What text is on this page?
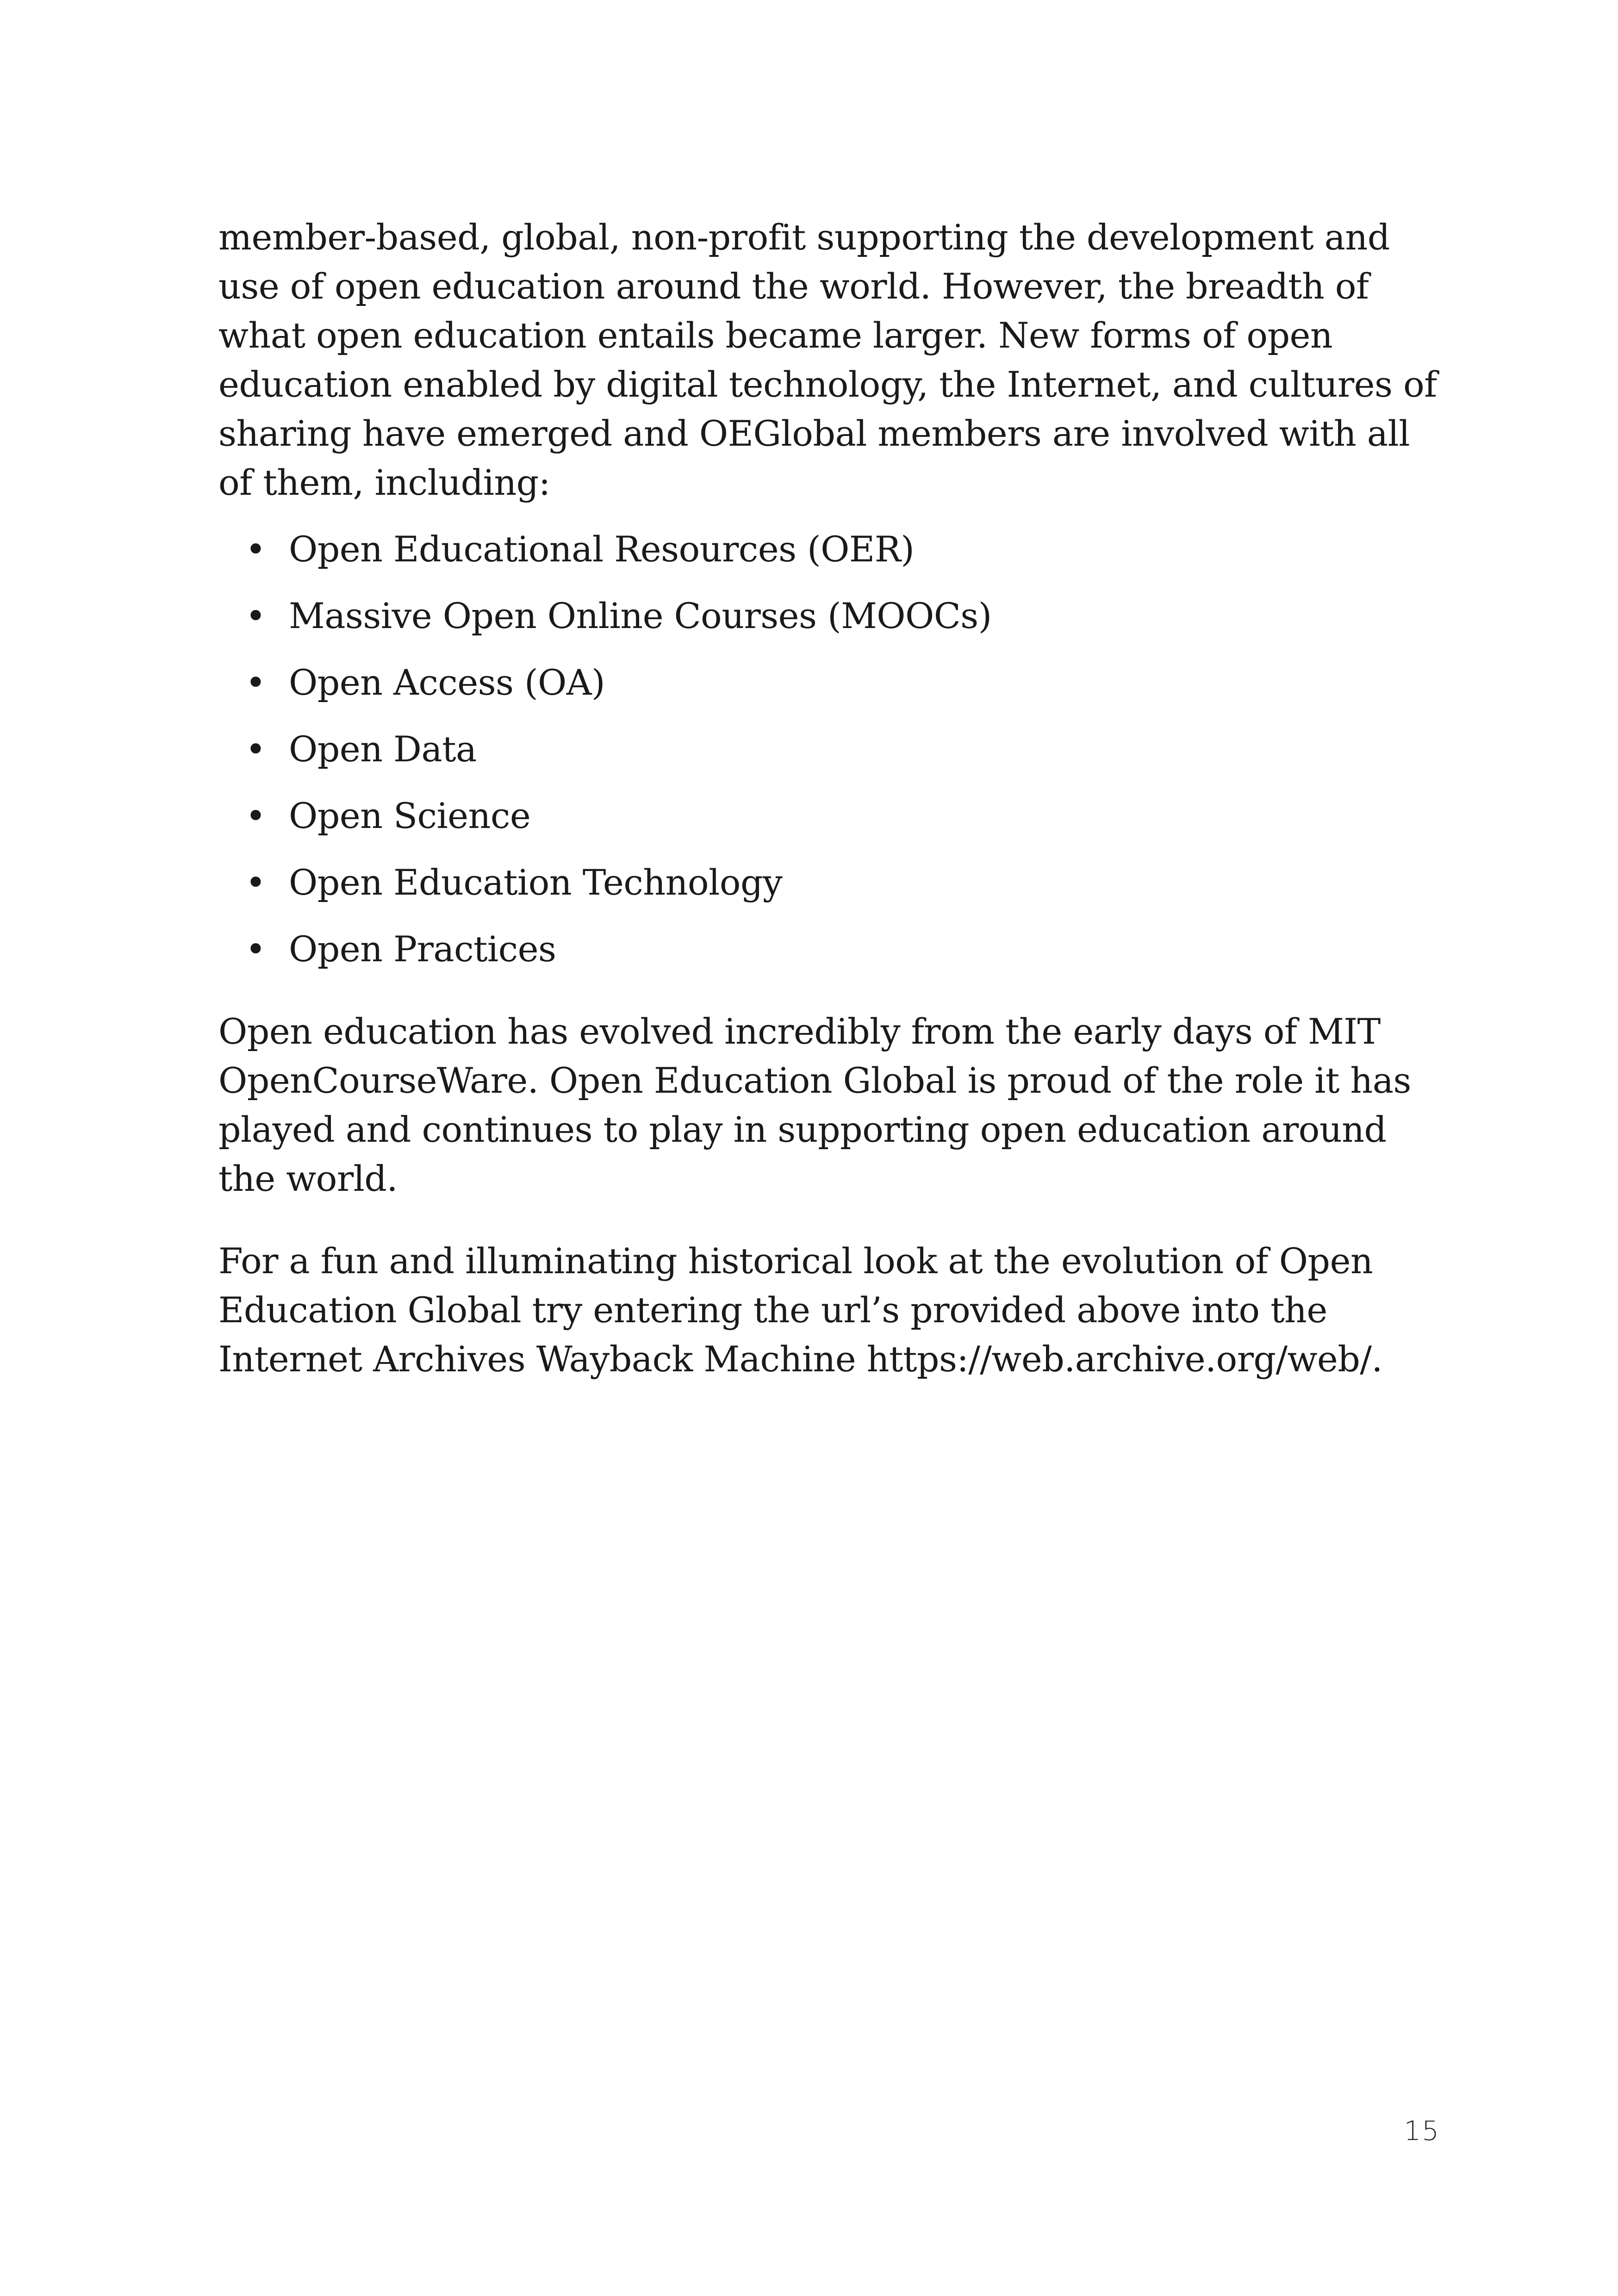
member-based, global, non-profit supporting the development and use of open education around the world. However, the breadth of what open education entails became larger. New forms of open education enabled by digital technology, the Internet, and cultures of sharing have emerged and OEGlobal members are involved with all of them, including:

• Open Educational Resources (OER)
• Massive Open Online Courses (MOOCs)
• Open Access (OA)
• Open Data
• Open Science
• Open Education Technology
• Open Practices

Open education has evolved incredibly from the early days of MIT OpenCourseWare. Open Education Global is proud of the role it has played and continues to play in supporting open education around the world.

For a fun and illuminating historical look at the evolution of Open Education Global try entering the url’s provided above into the Internet Archives Wayback Machine https://web.archive.org/web/.

15
